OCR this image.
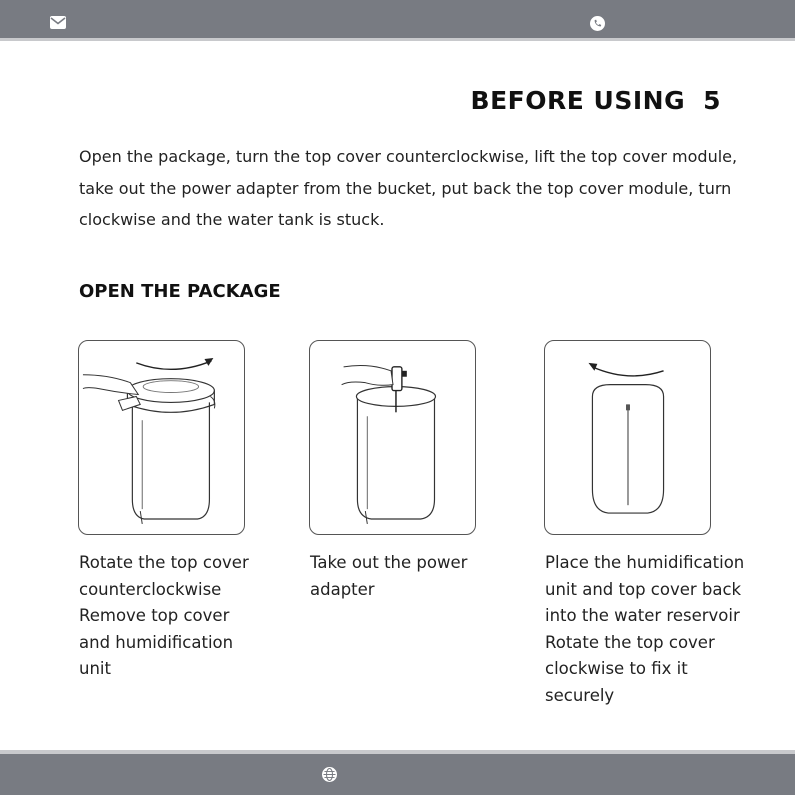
BEFORE USING 5
Open the package, turn the top cover counterclockwise, lift the top cover module, take out the power adapter from the bucket, put back the top cover module, turn clockwise and the water tank is stuck.
OPEN THE PACKAGE
Rotate the top cover
counterclockwise
Remove top cover
and humidification
unit
Take out the power
adapter
Place the humidification
unit and top cover back
into the water reservoir
Rotate the top cover
clockwise to fix it
securely
